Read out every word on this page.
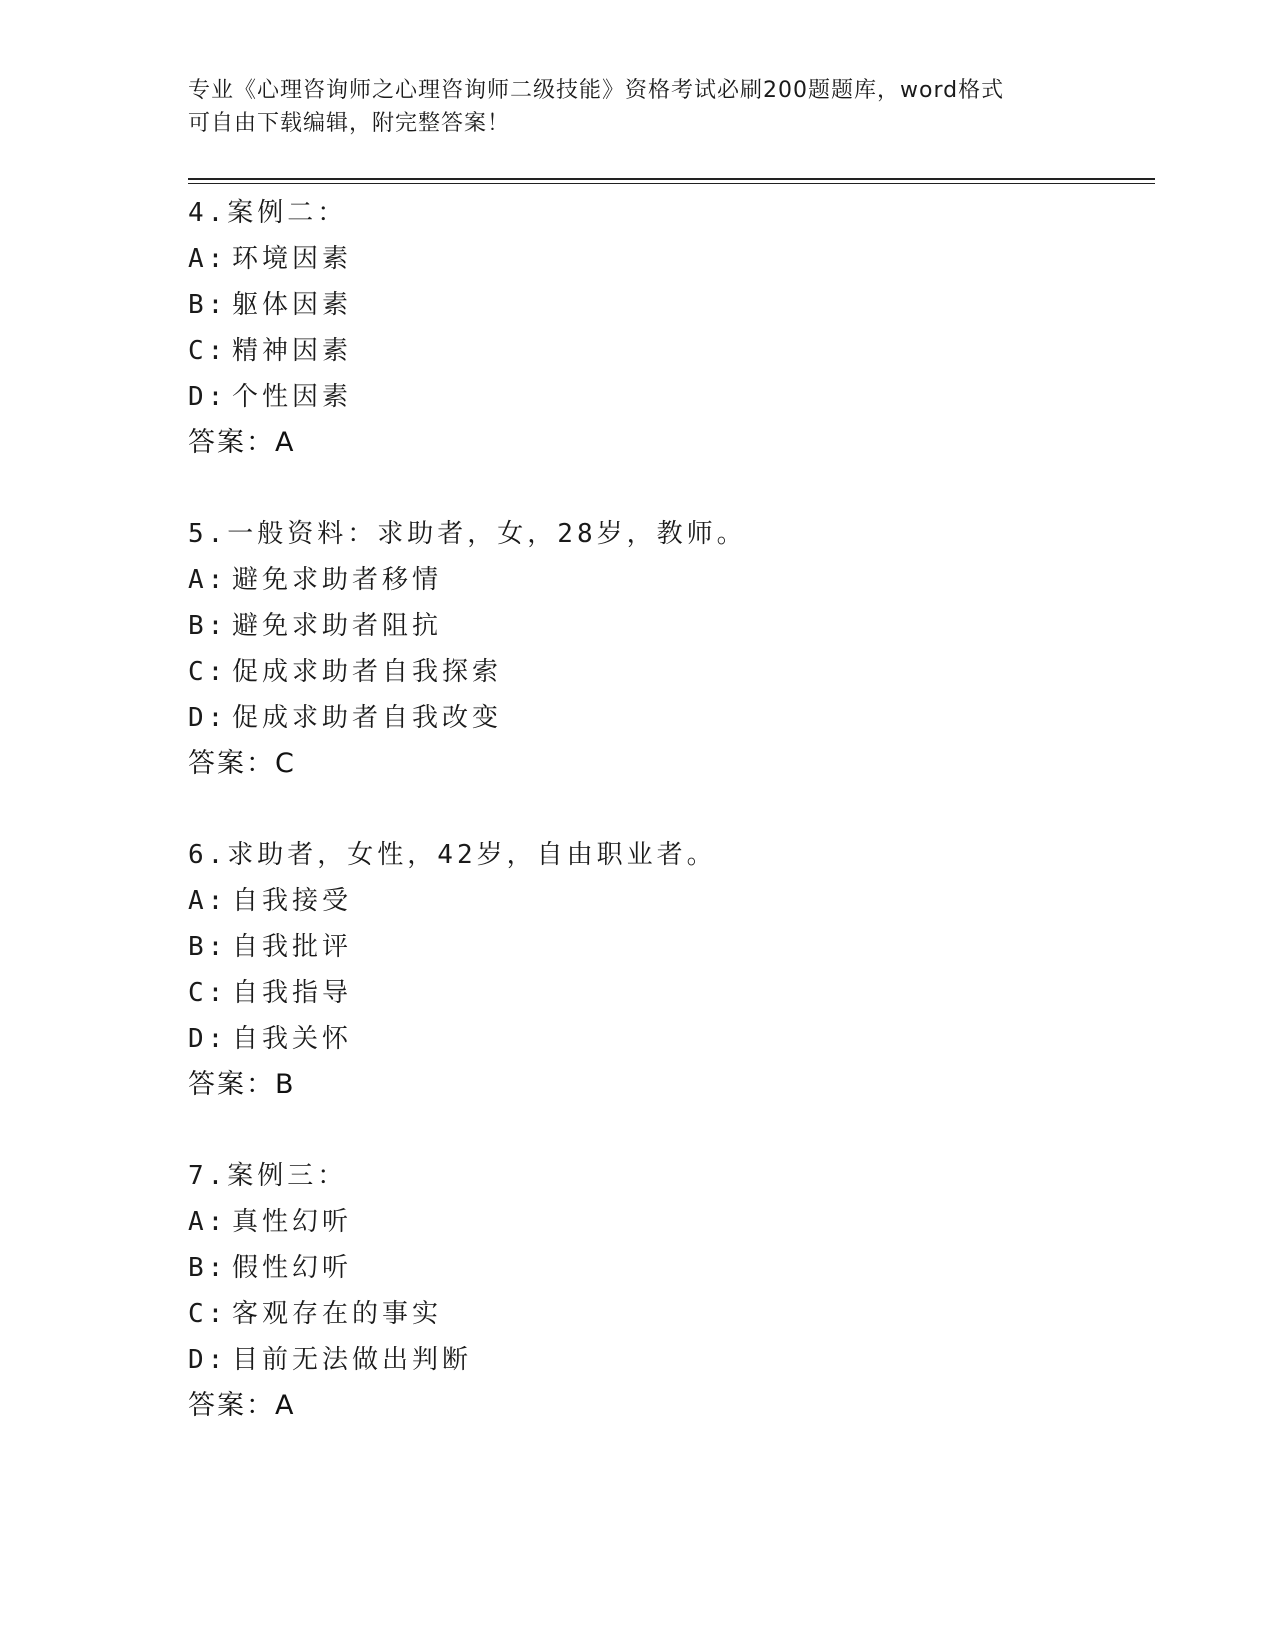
专业《心理咨询师之心理咨询师二级技能》资格考试必刷200题题库，word格式
可自由下载编辑，附完整答案！
4.案例二：
A: 环境因素
B: 躯体因素
C: 精神因素
D: 个性因素
答案：A
5.一般资料：求助者，女，28岁，教师。
A: 避免求助者移情
B: 避免求助者阻抗
C: 促成求助者自我探索
D: 促成求助者自我改变
答案：C
6.求助者，女性，42岁，自由职业者。
A: 自我接受
B: 自我批评
C: 自我指导
D: 自我关怀
答案：B
7.案例三：
A: 真性幻听
B: 假性幻听
C: 客观存在的事实
D: 目前无法做出判断
答案：A
